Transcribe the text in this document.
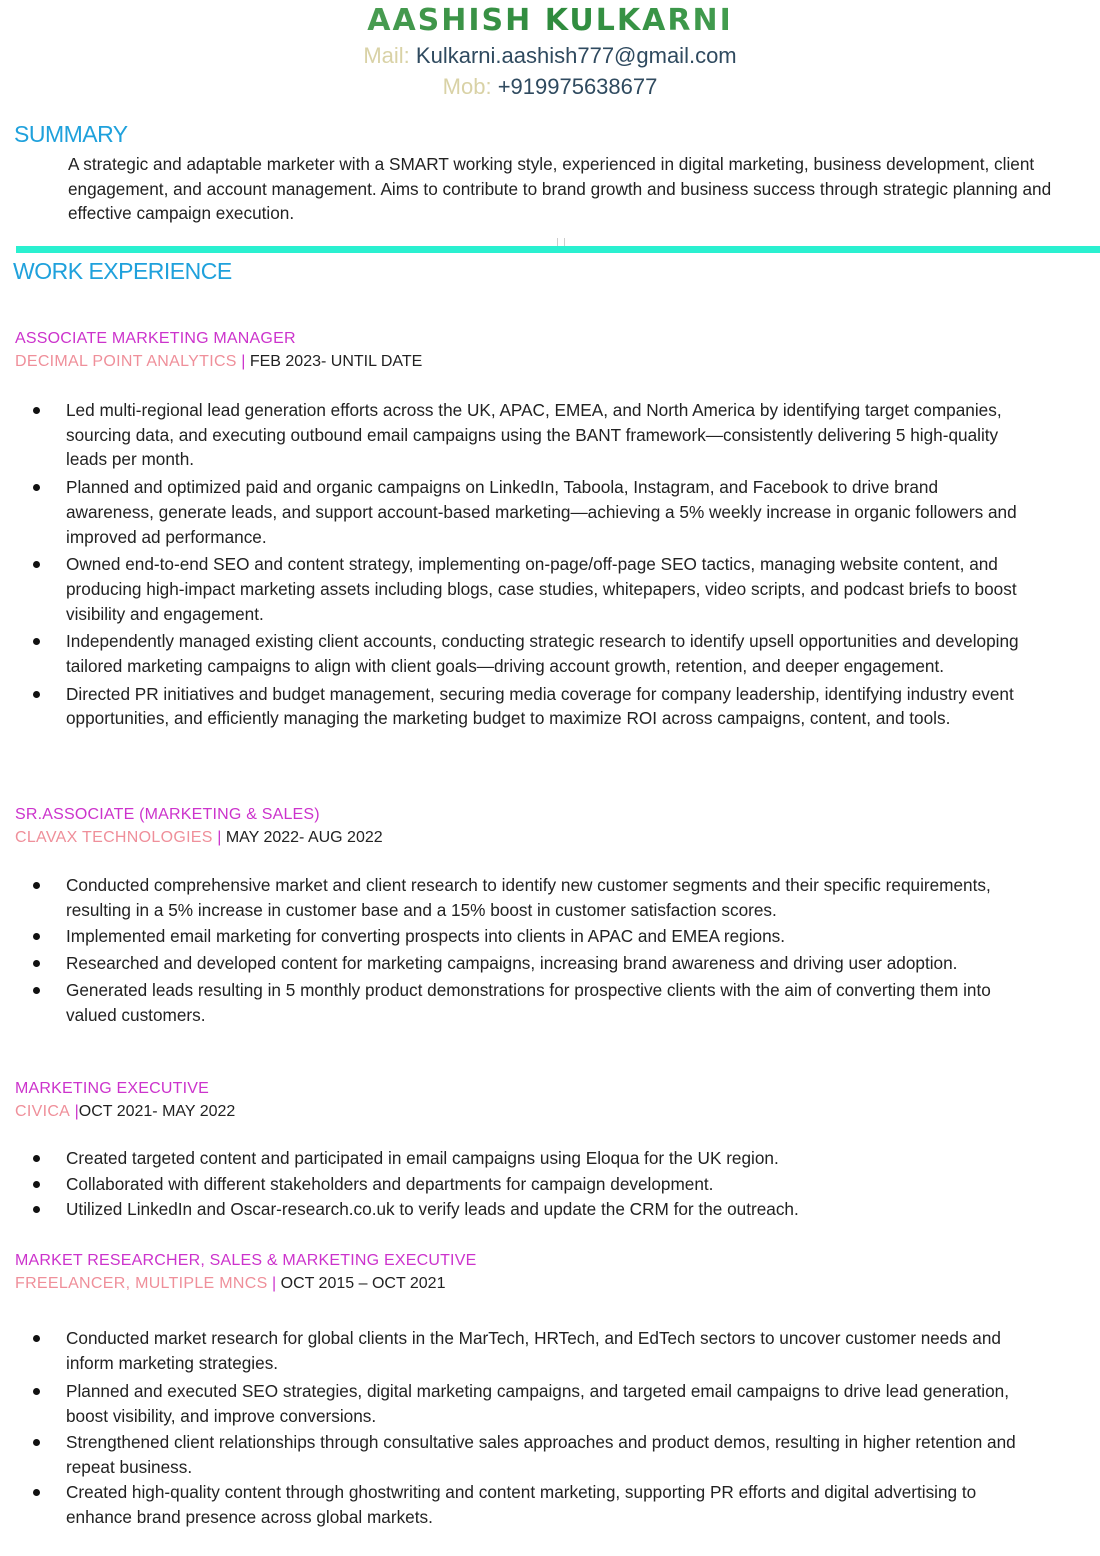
AASHISH KULKARNI
Mail: Kulkarni.aashish777@gmail.com
Mob: +919975638677
SUMMARY
A strategic and adaptable marketer with a SMART working style, experienced in digital marketing, business development, client engagement, and account management. Aims to contribute to brand growth and business success through strategic planning and effective campaign execution.
WORK EXPERIENCE
ASSOCIATE MARKETING MANAGER
DECIMAL POINT ANALYTICS | FEB 2023- UNTIL DATE
Led multi-regional lead generation efforts across the UK, APAC, EMEA, and North America by identifying target companies, sourcing data, and executing outbound email campaigns using the BANT framework—consistently delivering 5 high-quality leads per month.
Planned and optimized paid and organic campaigns on LinkedIn, Taboola, Instagram, and Facebook to drive brand awareness, generate leads, and support account-based marketing—achieving a 5% weekly increase in organic followers and improved ad performance.
Owned end-to-end SEO and content strategy, implementing on-page/off-page SEO tactics, managing website content, and producing high-impact marketing assets including blogs, case studies, whitepapers, video scripts, and podcast briefs to boost visibility and engagement.
Independently managed existing client accounts, conducting strategic research to identify upsell opportunities and developing tailored marketing campaigns to align with client goals—driving account growth, retention, and deeper engagement.
Directed PR initiatives and budget management, securing media coverage for company leadership, identifying industry event opportunities, and efficiently managing the marketing budget to maximize ROI across campaigns, content, and tools.
SR.ASSOCIATE (MARKETING & SALES)
CLAVAX TECHNOLOGIES | MAY 2022- AUG 2022
Conducted comprehensive market and client research to identify new customer segments and their specific requirements, resulting in a 5% increase in customer base and a 15% boost in customer satisfaction scores.
Implemented email marketing for converting prospects into clients in APAC and EMEA regions.
Researched and developed content for marketing campaigns, increasing brand awareness and driving user adoption.
Generated leads resulting in 5 monthly product demonstrations for prospective clients with the aim of converting them into valued customers.
MARKETING EXECUTIVE
CIVICA |OCT 2021- MAY 2022
Created targeted content and participated in email campaigns using Eloqua for the UK region.
Collaborated with different stakeholders and departments for campaign development.
Utilized LinkedIn and Oscar-research.co.uk to verify leads and update the CRM for the outreach.
MARKET RESEARCHER, SALES & MARKETING EXECUTIVE
FREELANCER, MULTIPLE MNCS | OCT 2015 – OCT 2021
Conducted market research for global clients in the MarTech, HRTech, and EdTech sectors to uncover customer needs and inform marketing strategies.
Planned and executed SEO strategies, digital marketing campaigns, and targeted email campaigns to drive lead generation, boost visibility, and improve conversions.
Strengthened client relationships through consultative sales approaches and product demos, resulting in higher retention and repeat business.
Created high-quality content through ghostwriting and content marketing, supporting PR efforts and digital advertising to enhance brand presence across global markets.
